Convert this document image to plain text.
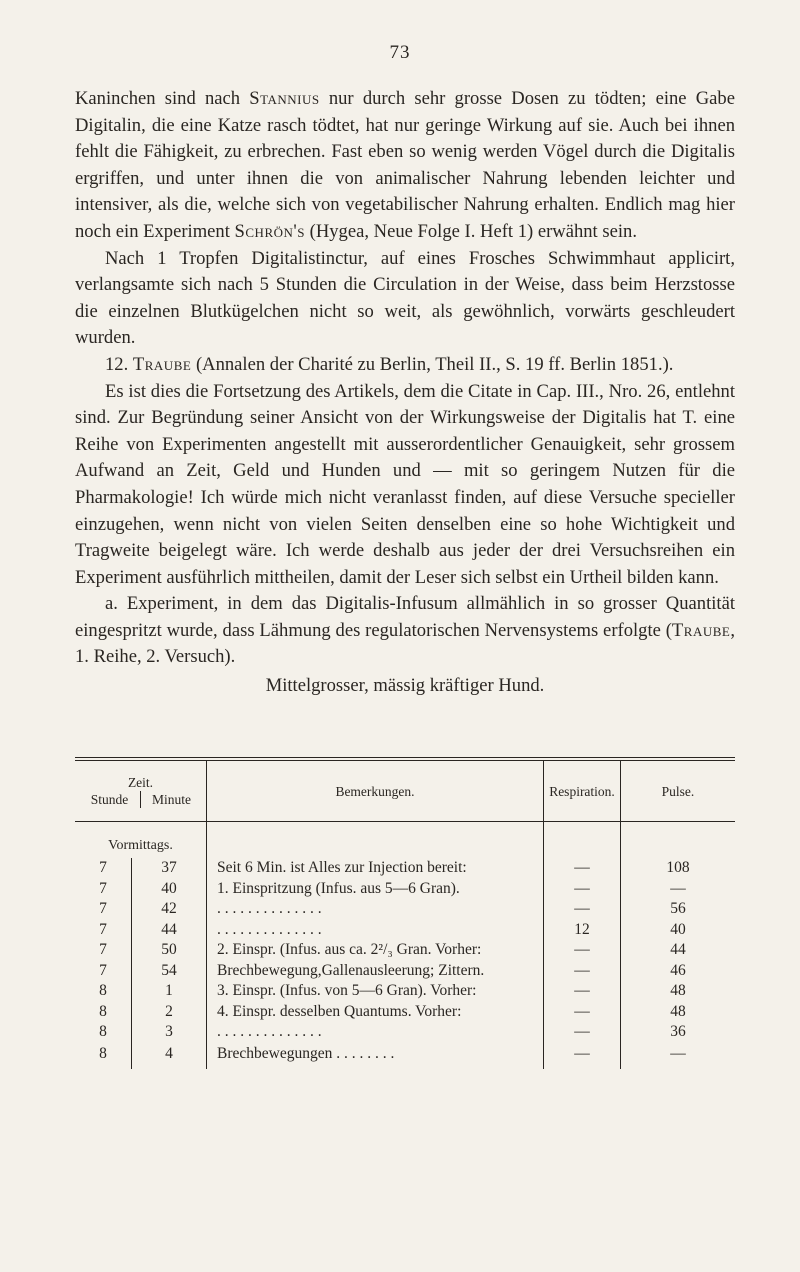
73

Kaninchen sind nach Stannius nur durch sehr grosse Dosen zu tödten; eine Gabe Digitalin, die eine Katze rasch tödtet, hat nur geringe Wirkung auf sie. Auch bei ihnen fehlt die Fähigkeit, zu erbrechen. Fast eben so wenig werden Vögel durch die Digitalis ergriffen, und unter ihnen die von animalischer Nahrung lebenden leichter und intensiver, als die, welche sich von vegetabilischer Nahrung erhalten. Endlich mag hier noch ein Experiment Schrön's (Hygea, Neue Folge I. Heft 1) erwähnt sein.

Nach 1 Tropfen Digitalistinctur, auf eines Frosches Schwimmhaut applicirt, verlangsamte sich nach 5 Stunden die Circulation in der Weise, dass beim Herzstosse die einzelnen Blutkügelchen nicht so weit, als gewöhnlich, vorwärts geschleudert wurden.

12. Traube (Annalen der Charité zu Berlin, Theil II., S. 19 ff. Berlin 1851.).

Es ist dies die Fortsetzung des Artikels, dem die Citate in Cap. III., Nro. 26, entlehnt sind. Zur Begründung seiner Ansicht von der Wirkungsweise der Digitalis hat T. eine Reihe von Experimenten angestellt mit ausserordentlicher Genauigkeit, sehr grossem Aufwand an Zeit, Geld und Hunden und — mit so geringem Nutzen für die Pharmakologie! Ich würde mich nicht veranlasst finden, auf diese Versuche specieller einzugehen, wenn nicht von vielen Seiten denselben eine so hohe Wichtigkeit und Tragweite beigelegt wäre. Ich werde deshalb aus jeder der drei Versuchsreihen ein Experiment ausführlich mittheilen, damit der Leser sich selbst ein Urtheil bilden kann.

a. Experiment, in dem das Digitalis-Infusum allmählich in so grosser Quantität eingespritzt wurde, dass Lähmung des regulatorischen Nervensystems erfolgte (Traube, 1. Reihe, 2. Versuch).

Mittelgrosser, mässig kräftiger Hund.

Zeit.
Stunde Minute		Bemerkungen.	Respiration.	Pulse.

Vormittags.				
7	37	Seit 6 Min. ist Alles zur Injection bereit:	—	108
7	40	1. Einspritzung (Infus. aus 5—6 Gran).	—	—
7	42	. . . . . . . . . . . . . .	—	56
7	44	. . . . . . . . . . . . . .	12	40
7	50	2. Einspr. (Infus. aus ca. 2²/₃ Gran. Vorher:	—	44
7	54	Brechbewegung,Gallenausleerung; Zittern.	—	46
8	1	3. Einspr. (Infus. von 5—6 Gran). Vorher:	—	48
8	2	4. Einspr. desselben Quantums. Vorher:	—	48
8	3	. . . . . . . . . . . . . .	—	36
8	4	Brechbewegungen . . . . . . . .	—	—
